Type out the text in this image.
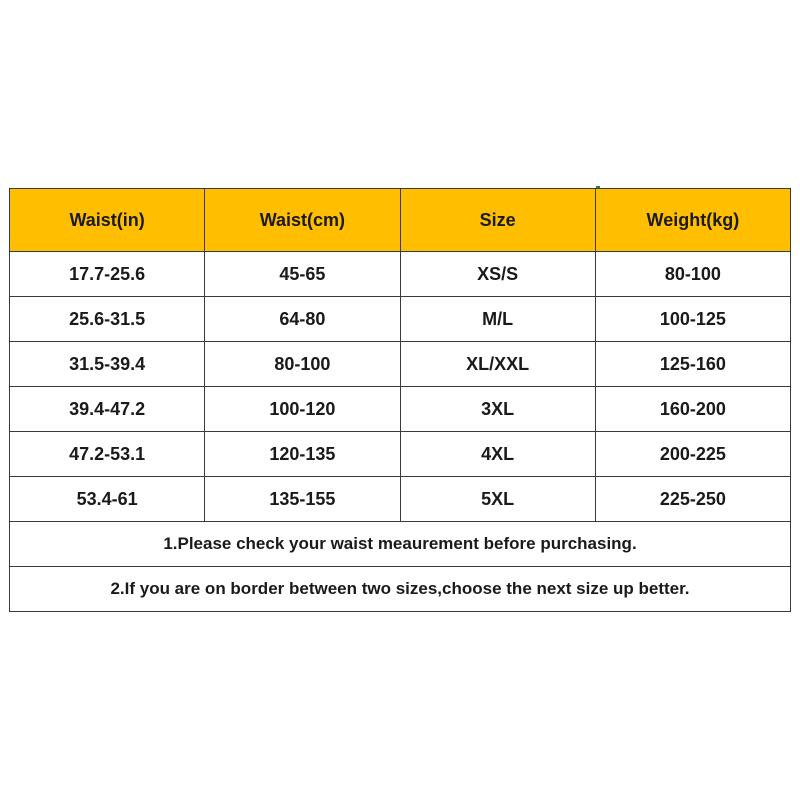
Waist(in)	Waist(cm)	Size	Weight(kg)
17.7-25.6	45-65	XS/S	80-100
25.6-31.5	64-80	M/L	100-125
31.5-39.4	80-100	XL/XXL	125-160
39.4-47.2	100-120	3XL	160-200
47.2-53.1	120-135	4XL	200-225
53.4-61	135-155	5XL	225-250
1.Please check your waist meaurement before purchasing.			
2.If you are on border between two sizes,choose the next size up better.			
